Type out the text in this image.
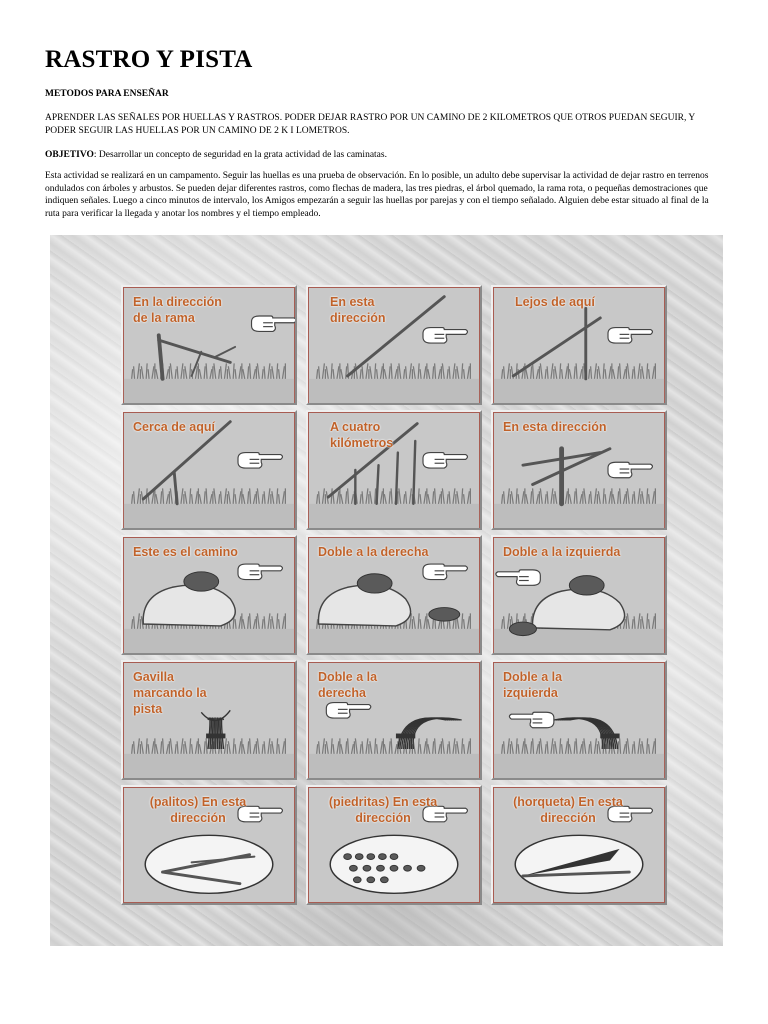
RASTRO Y PISTA

METODOS PARA ENSEÑAR

APRENDER LAS SEÑALES POR HUELLAS Y RASTROS. PODER DEJAR RASTRO POR UN CAMINO DE 2 KILOMETROS QUE OTROS PUEDAN SEGUIR, Y PODER SEGUIR LAS HUELLAS POR UN CAMINO DE 2 K I LOMETROS.

OBJETIVO: Desarrollar un concepto de seguridad en la grata actividad de las caminatas.

Esta actividad se realizará en un campamento. Seguir las huellas es una prueba de observación. En lo posible, un adulto debe supervisar la actividad de dejar rastro en terrenos ondulados con árboles y arbustos. Se pueden dejar diferentes rastros, como flechas de madera, las tres piedras, el árbol quemado, la rama rota, o pequeñas demostraciones que indiquen señales. Luego a cinco minutos de intervalo, los Amigos empezarán a seguir las huellas por parejas y con el tiempo señalado. Alguien debe estar situado al final de la ruta para verificar la llegada y anotar los nombres y el tiempo empleado.

En la dirección de la rama
En esta dirección
Lejos de aquí
Cerca de aquí	A cuatro kilómetros
En esta dirección
Este es el camino	Doble a la derecha	Doble a la izquierda
Gavilla marcando la pista
Doble a la derecha
Doble a la izquierda
(palitos) En esta dirección
(piedritas) En esta dirección
(horqueta) En esta dirección
